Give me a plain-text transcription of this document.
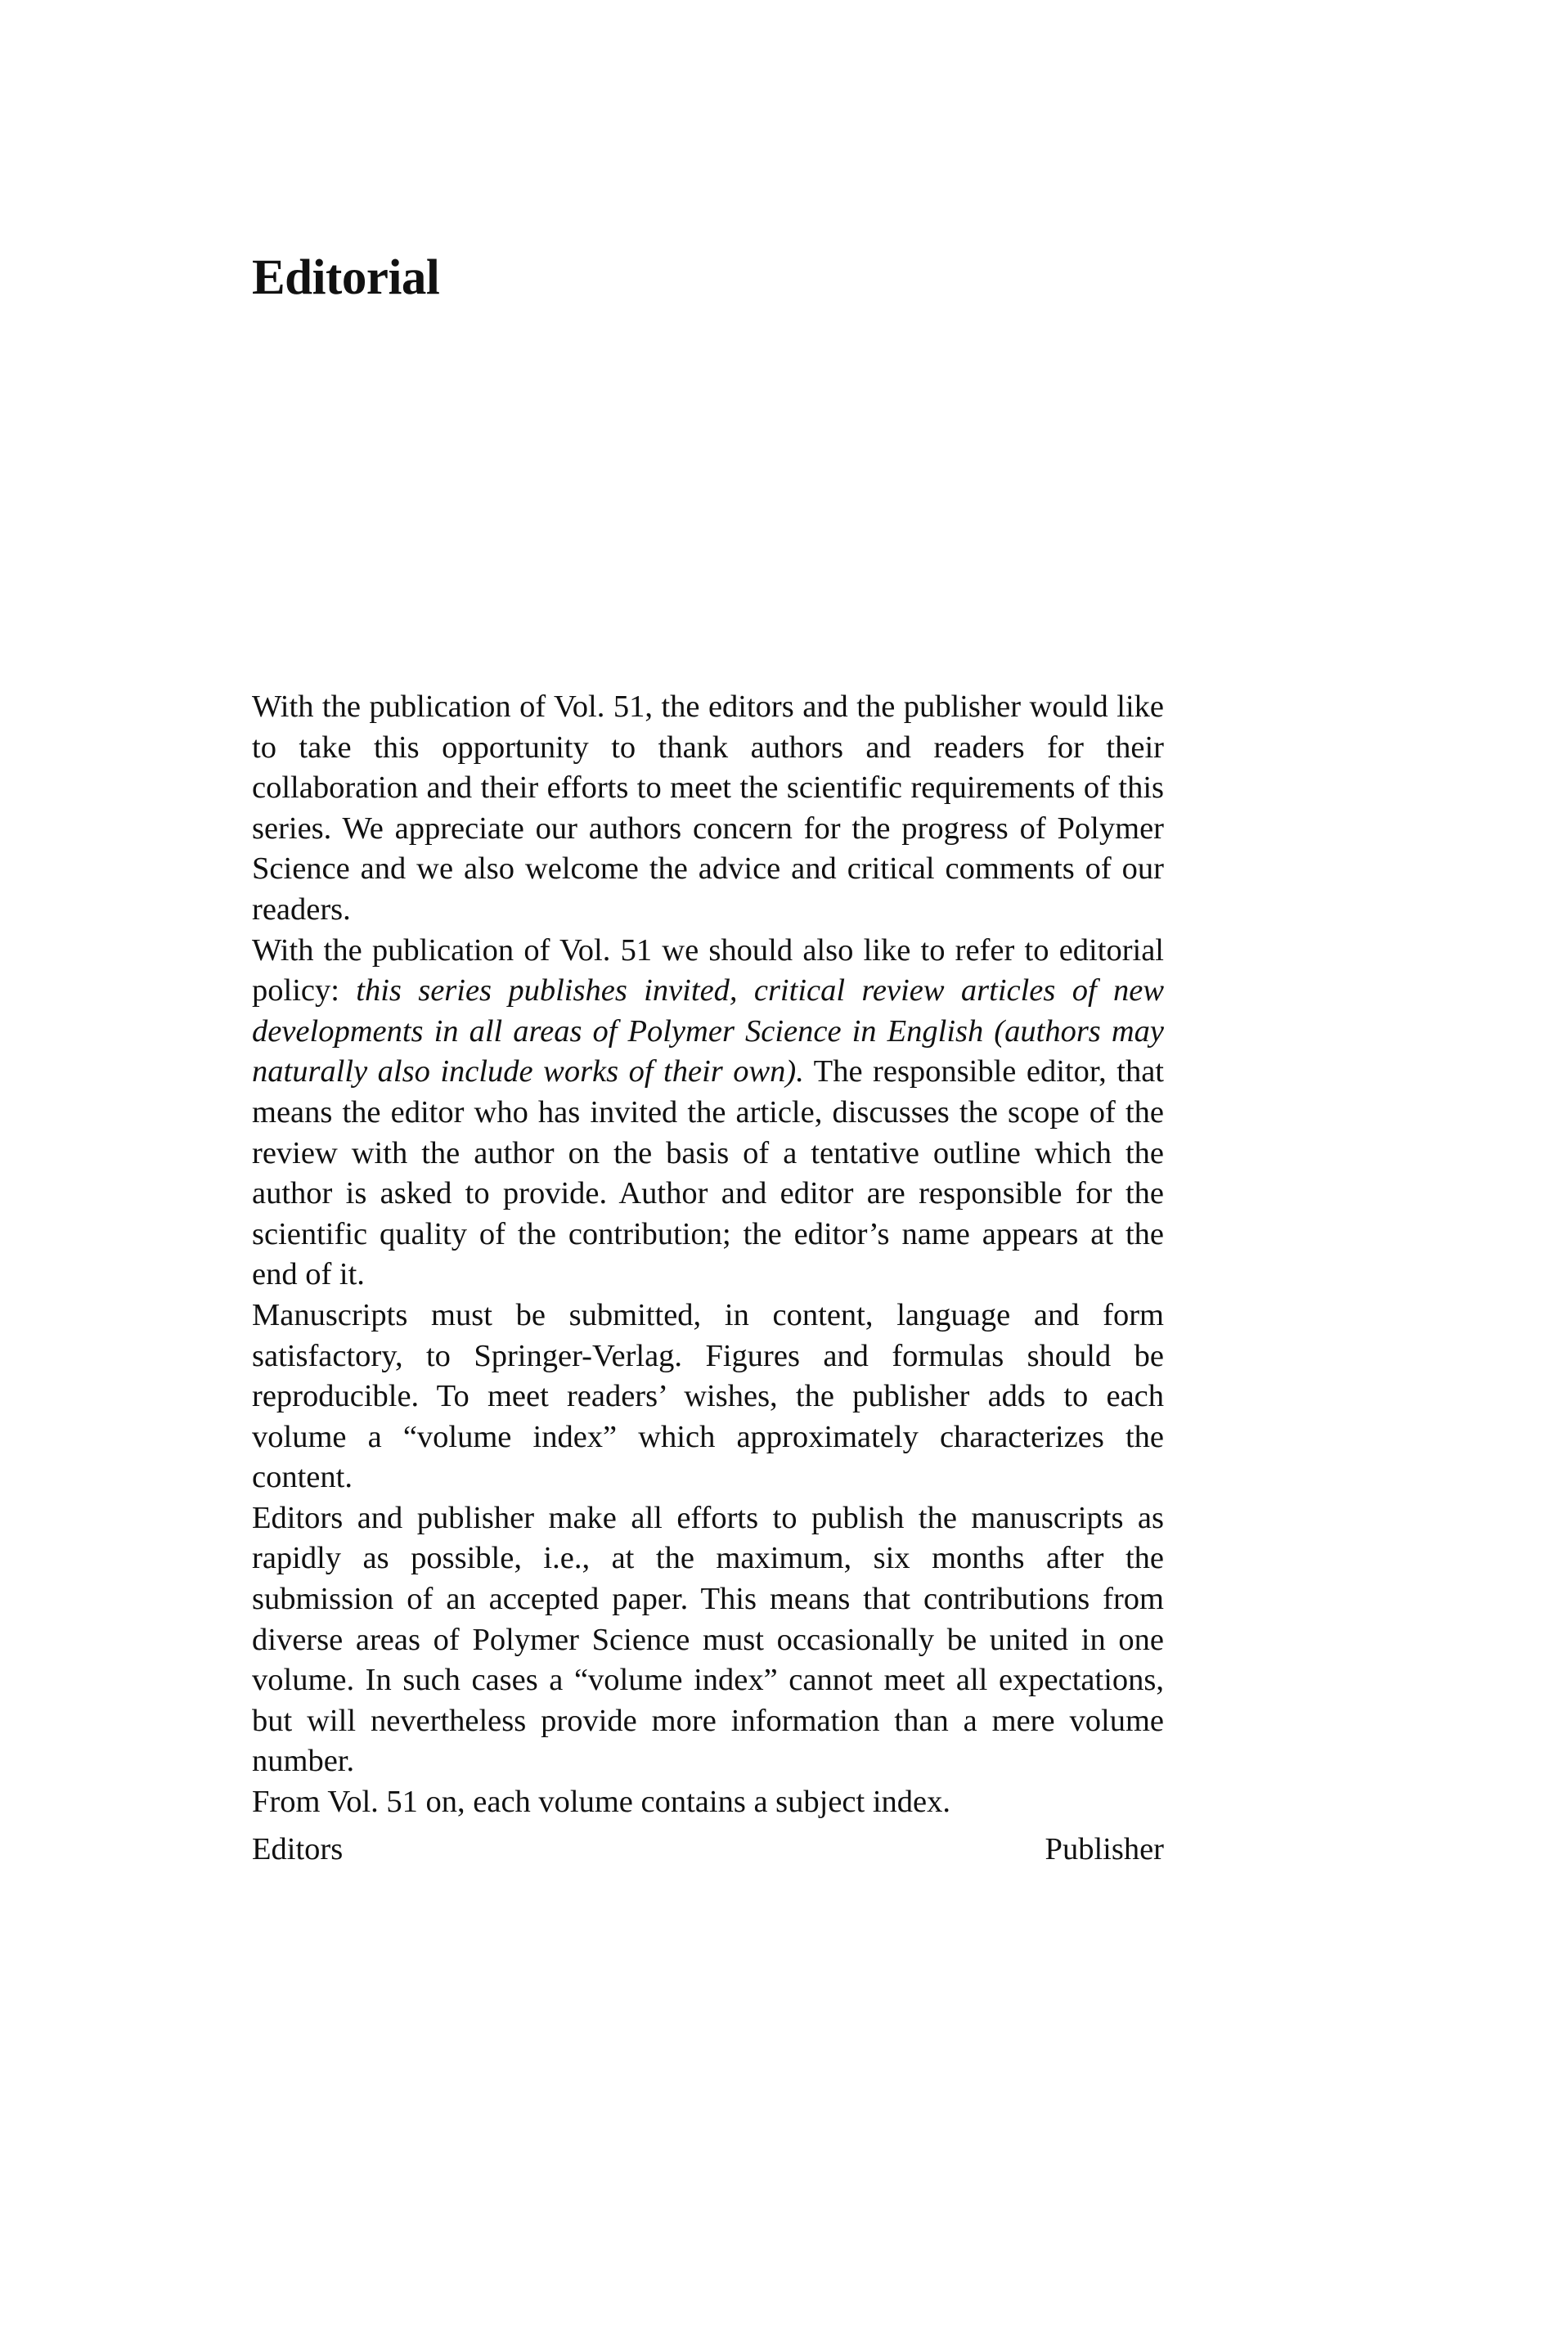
Editorial

With the publication of Vol. 51, the editors and the publisher would like to take this opportunity to thank authors and readers for their collaboration and their efforts to meet the scientific requirements of this series. We appreciate our authors concern for the progress of Polymer Science and we also welcome the advice and critical comments of our readers.

With the publication of Vol. 51 we should also like to refer to editorial policy: this series publishes invited, critical review articles of new developments in all areas of Polymer Science in English (authors may naturally also include works of their own). The responsible editor, that means the editor who has invited the article, discusses the scope of the review with the author on the basis of a tentative outline which the author is asked to provide. Author and editor are responsible for the scientific quality of the contribution; the editor’s name appears at the end of it.

Manuscripts must be submitted, in content, language and form satisfactory, to Springer-Verlag. Figures and formulas should be reproducible. To meet readers’ wishes, the publisher adds to each volume a “volume index” which approximately characterizes the content.

Editors and publisher make all efforts to publish the manuscripts as rapidly as possible, i.e., at the maximum, six months after the submission of an accepted paper. This means that contributions from diverse areas of Polymer Science must occasionally be united in one volume. In such cases a “volume index” cannot meet all expectations, but will nevertheless provide more information than a mere volume number.

From Vol. 51 on, each volume contains a subject index.

Editors	Publisher
